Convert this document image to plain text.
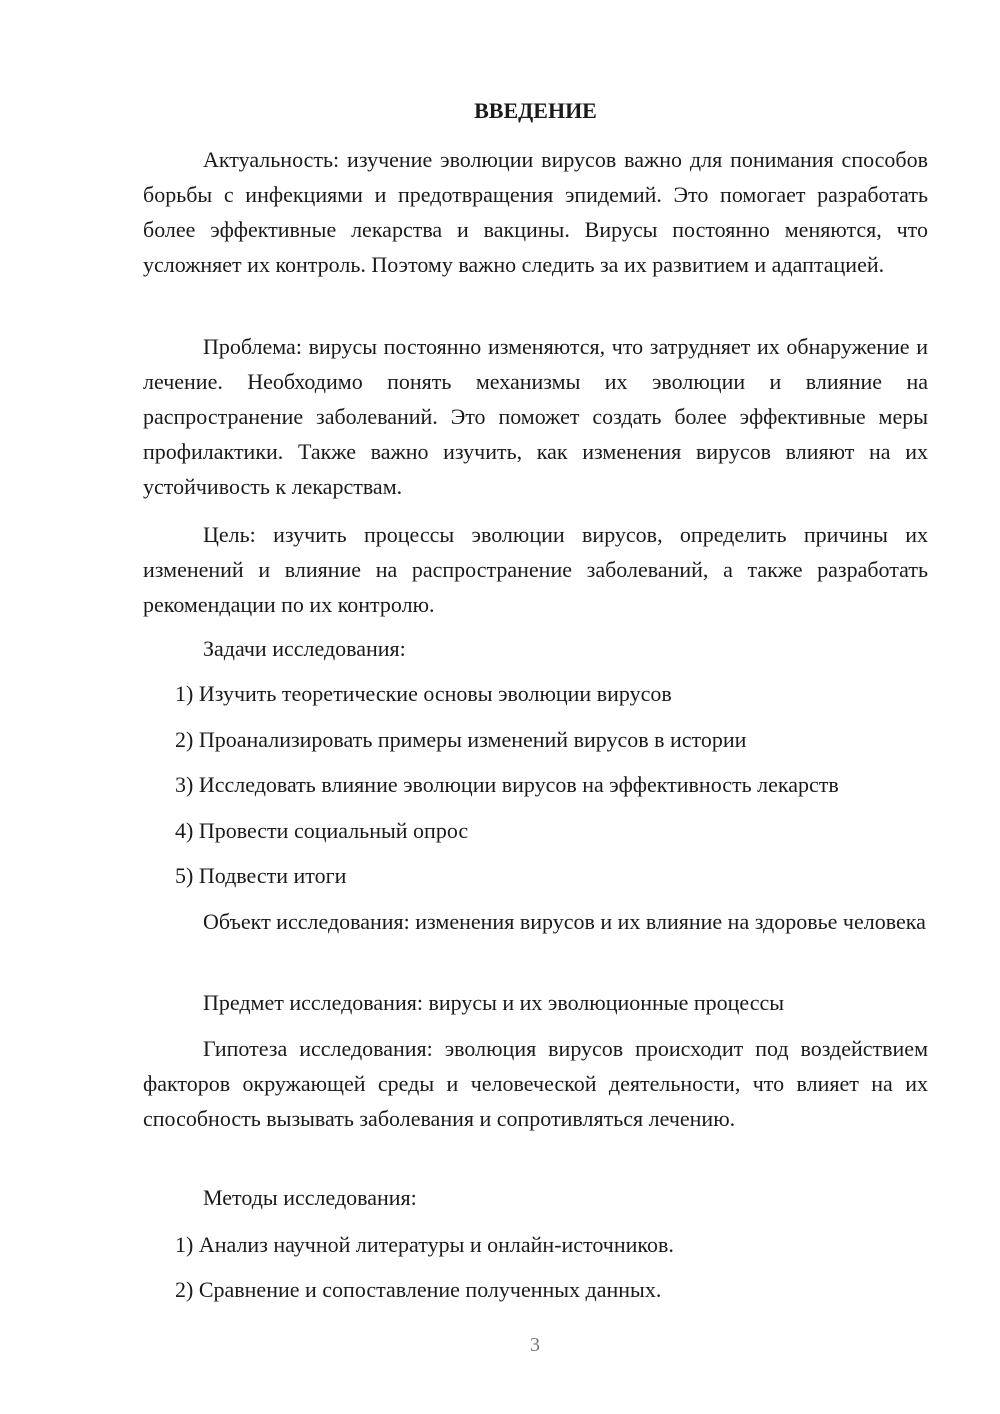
ВВЕДЕНИЕ

Актуальность: изучение эволюции вирусов важно для понимания способов борьбы с инфекциями и предотвращения эпидемий. Это помогает разработать более эффективные лекарства и вакцины. Вирусы постоянно меняются, что усложняет их контроль. Поэтому важно следить за их развитием и адаптацией.

Проблема: вирусы постоянно изменяются, что затрудняет их обнаружение и лечение. Необходимо понять механизмы их эволюции и влияние на распространение заболеваний. Это поможет создать более эффективные меры профилактики. Также важно изучить, как изменения вирусов влияют на их устойчивость к лекарствам.

Цель: изучить процессы эволюции вирусов, определить причины их изменений и влияние на распространение заболеваний, а также разработать рекомендации по их контролю.

Задачи исследования:

1) Изучить теоретические основы эволюции вирусов
2) Проанализировать примеры изменений вирусов в истории
3) Исследовать влияние эволюции вирусов на эффективность лекарств
4) Провести социальный опрос
5) Подвести итоги

Объект исследования: изменения вирусов и их влияние на здоровье человека

Предмет исследования: вирусы и их эволюционные процессы

Гипотеза исследования: эволюция вирусов происходит под воздействием факторов окружающей среды и человеческой деятельности, что влияет на их способность вызывать заболевания и сопротивляться лечению.

Методы исследования:

1) Анализ научной литературы и онлайн-источников.
2) Сравнение и сопоставление полученных данных.
3
